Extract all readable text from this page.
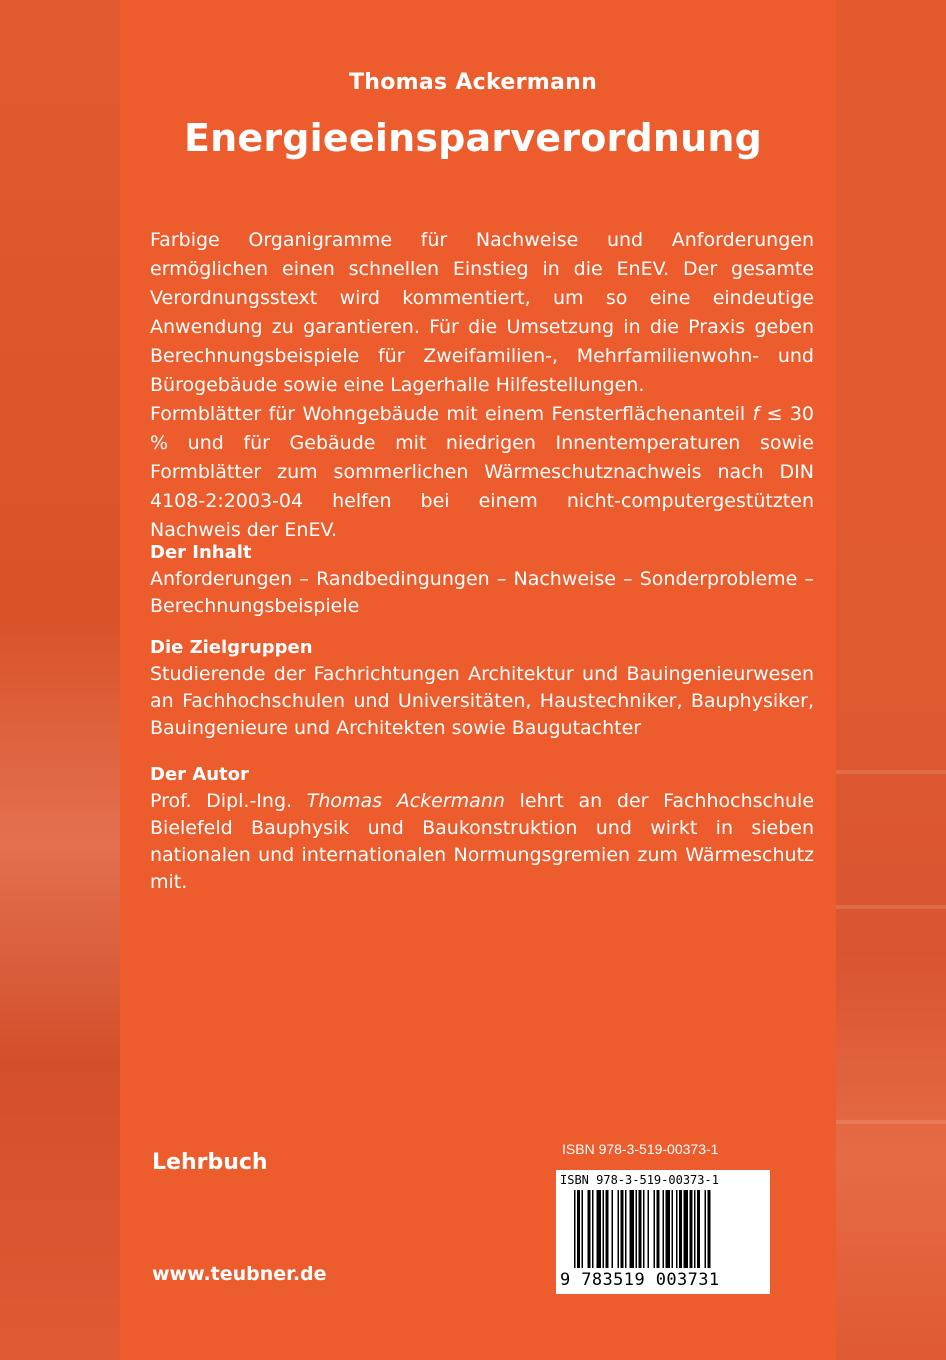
Thomas Ackermann
Energieeinsparverordnung

Farbige Organigramme für Nachweise und Anforderungen ermöglichen einen schnellen Einstieg in die EnEV. Der gesamte Verordnungsstext wird kommentiert, um so eine eindeutige Anwendung zu garantieren. Für die Umsetzung in die Praxis geben Berechnungsbeispiele für Zweifamilien-, Mehrfamilienwohn- und Bürogebäude sowie eine Lagerhalle Hilfestellungen.

Formblätter für Wohngebäude mit einem Fensterflächenanteil f ≤ 30 % und für Gebäude mit niedrigen Innentemperaturen sowie Formblätter zum sommerlichen Wärmeschutznachweis nach DIN 4108-2:2003-04 helfen bei einem nicht-computergestützten Nachweis der EnEV.

Der Inhalt

Anforderungen – Randbedingungen – Nachweise – Sonderprobleme – Berechnungsbeispiele

Die Zielgruppen

Studierende der Fachrichtungen Architektur und Bauingenieurwesen an Fachhochschulen und Universitäten, Haustechniker, Bauphysiker, Bauingenieure und Architekten sowie Baugutachter

Der Autor

Prof. Dipl.-Ing. Thomas Ackermann lehrt an der Fachhochschule Bielefeld Bauphysik und Baukonstruktion und wirkt in sieben nationalen und internationalen Normungsgremien zum Wärmeschutz mit.

Lehrbuch
www.teubner.de
ISBN 978-3-519-00373-1
ISBN 978-3-519-00373-1
9 783519 003731
